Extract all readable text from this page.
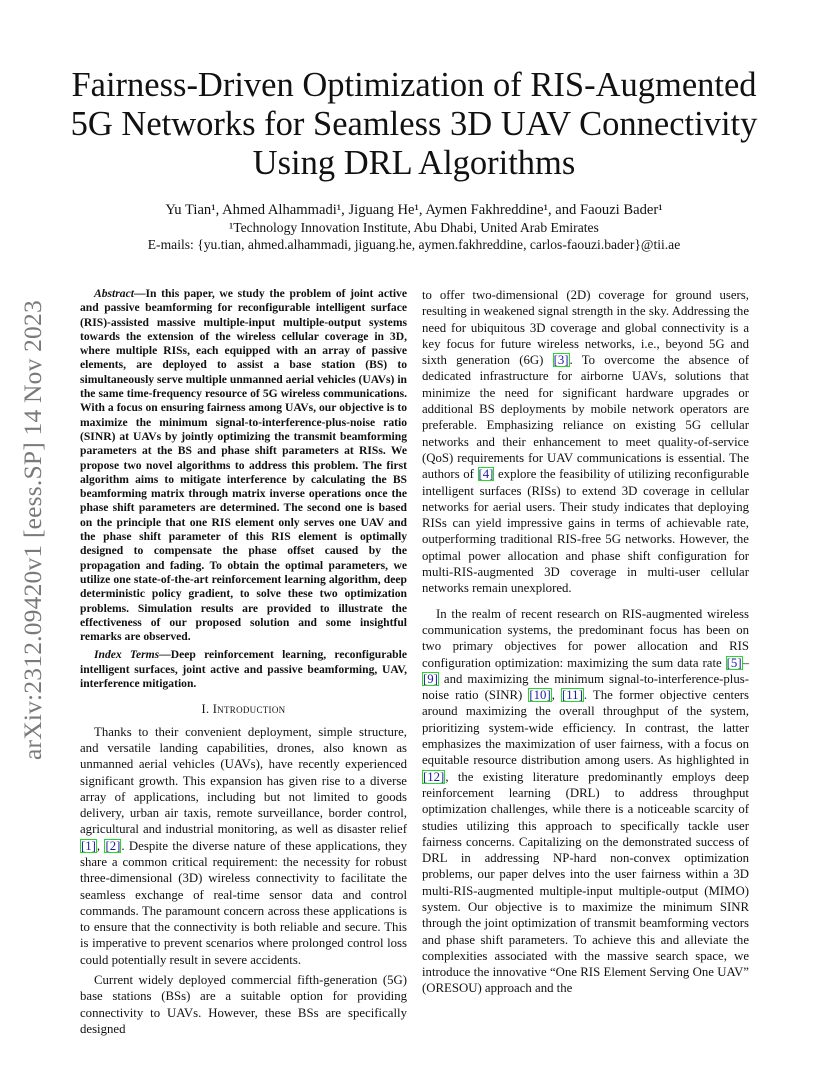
arXiv:2312.09420v1 [eess.SP] 14 Nov 2023
Fairness-Driven Optimization of RIS-Augmented
5G Networks for Seamless 3D UAV Connectivity
Using DRL Algorithms
Yu Tian¹, Ahmed Alhammadi¹, Jiguang He¹, Aymen Fakhreddine¹, and Faouzi Bader¹
¹Technology Innovation Institute, Abu Dhabi, United Arab Emirates
E-mails: {yu.tian, ahmed.alhammadi, jiguang.he, aymen.fakhreddine, carlos-faouzi.bader}@tii.ae

Abstract—In this paper, we study the problem of joint active and passive beamforming for reconfigurable intelligent surface (RIS)-assisted massive multiple-input multiple-output systems towards the extension of the wireless cellular coverage in 3D, where multiple RISs, each equipped with an array of passive elements, are deployed to assist a base station (BS) to simultaneously serve multiple unmanned aerial vehicles (UAVs) in the same time-frequency resource of 5G wireless communications. With a focus on ensuring fairness among UAVs, our objective is to maximize the minimum signal-to-interference-plus-noise ratio (SINR) at UAVs by jointly optimizing the transmit beamforming parameters at the BS and phase shift parameters at RISs. We propose two novel algorithms to address this problem. The first algorithm aims to mitigate interference by calculating the BS beamforming matrix through matrix inverse operations once the phase shift parameters are determined. The second one is based on the principle that one RIS element only serves one UAV and the phase shift parameter of this RIS element is optimally designed to compensate the phase offset caused by the propagation and fading. To obtain the optimal parameters, we utilize one state-of-the-art reinforcement learning algorithm, deep deterministic policy gradient, to solve these two optimization problems. Simulation results are provided to illustrate the effectiveness of our proposed solution and some insightful remarks are observed.

Index Terms—Deep reinforcement learning, reconfigurable intelligent surfaces, joint active and passive beamforming, UAV, interference mitigation.

I. Introduction

Thanks to their convenient deployment, simple structure, and versatile landing capabilities, drones, also known as unmanned aerial vehicles (UAVs), have recently experienced significant growth. This expansion has given rise to a diverse array of applications, including but not limited to goods delivery, urban air taxis, remote surveillance, border control, agricultural and industrial monitoring, as well as disaster relief [1], [2]. Despite the diverse nature of these applications, they share a common critical requirement: the necessity for robust three-dimensional (3D) wireless connectivity to facilitate the seamless exchange of real-time sensor data and control commands. The paramount concern across these applications is to ensure that the connectivity is both reliable and secure. This is imperative to prevent scenarios where prolonged control loss could potentially result in severe accidents.

Current widely deployed commercial fifth-generation (5G) base stations (BSs) are a suitable option for providing connectivity to UAVs. However, these BSs are specifically designed

to offer two-dimensional (2D) coverage for ground users, resulting in weakened signal strength in the sky. Addressing the need for ubiquitous 3D coverage and global connectivity is a key focus for future wireless networks, i.e., beyond 5G and sixth generation (6G) [3]. To overcome the absence of dedicated infrastructure for airborne UAVs, solutions that minimize the need for significant hardware upgrades or additional BS deployments by mobile network operators are preferable. Emphasizing reliance on existing 5G cellular networks and their enhancement to meet quality-of-service (QoS) requirements for UAV communications is essential. The authors of [4] explore the feasibility of utilizing reconfigurable intelligent surfaces (RISs) to extend 3D coverage in cellular networks for aerial users. Their study indicates that deploying RISs can yield impressive gains in terms of achievable rate, outperforming traditional RIS-free 5G networks. However, the optimal power allocation and phase shift configuration for multi-RIS-augmented 3D coverage in multi-user cellular networks remain unexplored.

In the realm of recent research on RIS-augmented wireless communication systems, the predominant focus has been on two primary objectives for power allocation and RIS configuration optimization: maximizing the sum data rate [5]–[9] and maximizing the minimum signal-to-interference-plus-noise ratio (SINR) [10], [11]. The former objective centers around maximizing the overall throughput of the system, prioritizing system-wide efficiency. In contrast, the latter emphasizes the maximization of user fairness, with a focus on equitable resource distribution among users. As highlighted in [12], the existing literature predominantly employs deep reinforcement learning (DRL) to address throughput optimization challenges, while there is a noticeable scarcity of studies utilizing this approach to specifically tackle user fairness concerns. Capitalizing on the demonstrated success of DRL in addressing NP-hard non-convex optimization problems, our paper delves into the user fairness within a 3D multi-RIS-augmented multiple-input multiple-output (MIMO) system. Our objective is to maximize the minimum SINR through the joint optimization of transmit beamforming vectors and phase shift parameters. To achieve this and alleviate the complexities associated with the massive search space, we introduce the innovative “One RIS Element Serving One UAV” (ORESOU) approach and the
